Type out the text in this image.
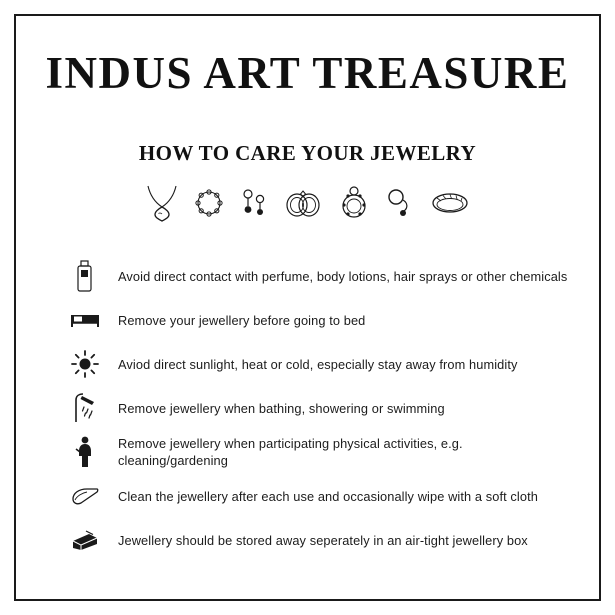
INDUS ART TREASURE
HOW TO CARE YOUR JEWELRY
Avoid direct contact with perfume, body lotions, hair sprays or other chemicals
Remove your jewellery before going to bed
Aviod direct sunlight, heat or cold, especially stay away from humidity
Remove jewellery when bathing, showering or swimming
Remove jewellery when participating physical activities, e.g. cleaning/gardening
Clean the jewellery after each use and occasionally wipe with a soft cloth
Jewellery should be stored away seperately in an air-tight jewellery box
